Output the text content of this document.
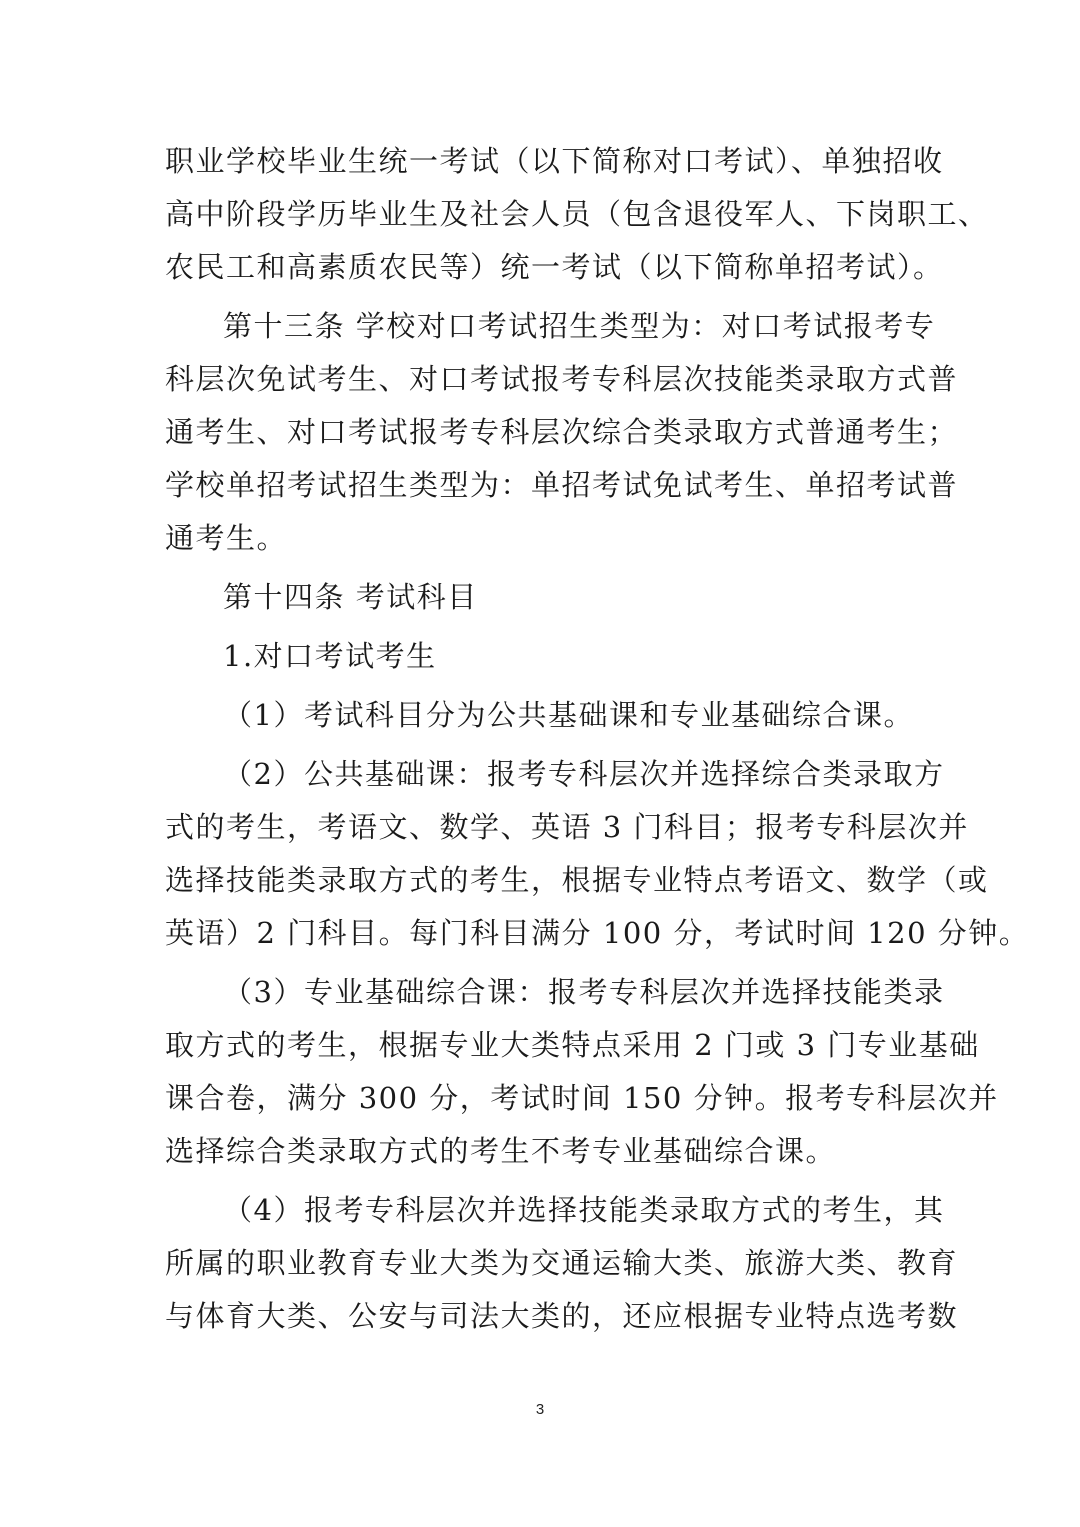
职业学校毕业生统一考试（以下简称对口考试）、单独招收
高中阶段学历毕业生及社会人员（包含退役军人、下岗职工、
农民工和高素质农民等）统一考试（以下简称单招考试）。
第十三条 学校对口考试招生类型为：对口考试报考专
科层次免试考生、对口考试报考专科层次技能类录取方式普
通考生、对口考试报考专科层次综合类录取方式普通考生；
学校单招考试招生类型为：单招考试免试考生、单招考试普
通考生。
第十四条 考试科目
1.对口考试考生
（1）考试科目分为公共基础课和专业基础综合课。
（2）公共基础课：报考专科层次并选择综合类录取方
式的考生，考语文、数学、英语 3 门科目；报考专科层次并
选择技能类录取方式的考生，根据专业特点考语文、数学（或
英语）2 门科目。每门科目满分 100 分，考试时间 120 分钟。
（3）专业基础综合课：报考专科层次并选择技能类录
取方式的考生，根据专业大类特点采用 2 门或 3 门专业基础
课合卷，满分 300 分，考试时间 150 分钟。报考专科层次并
选择综合类录取方式的考生不考专业基础综合课。
（4）报考专科层次并选择技能类录取方式的考生，其
所属的职业教育专业大类为交通运输大类、旅游大类、教育
与体育大类、公安与司法大类的，还应根据专业特点选考数
3
